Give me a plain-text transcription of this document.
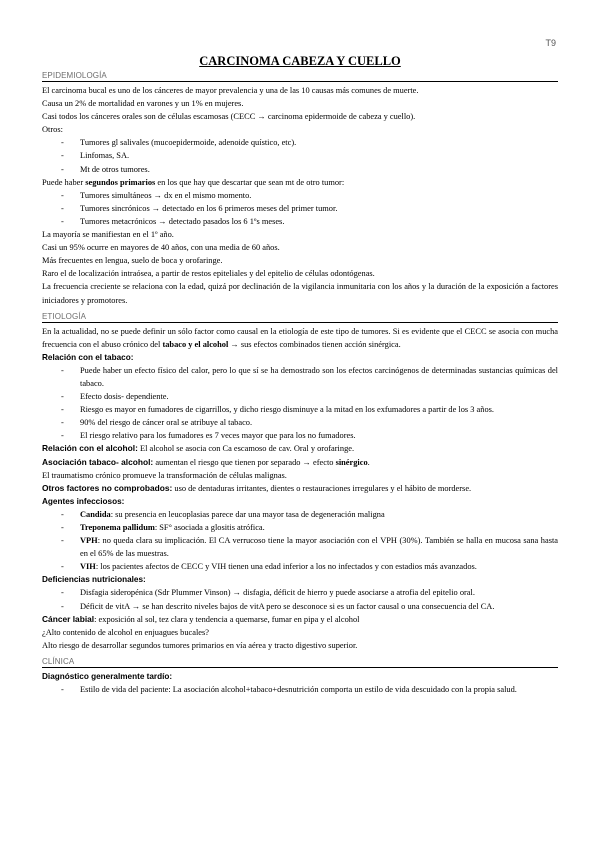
T9
CARCINOMA CABEZA Y CUELLO
EPIDEMIOLOGÍA

El carcinoma bucal es uno de los cánceres de mayor prevalencia y una de las 10 causas más comunes de muerte.

Causa un 2% de mortalidad en varones y un 1% en mujeres.

Casi todos los cánceres orales son de células escamosas (CECC → carcinoma epidermoide de cabeza y cuello).

Otros:

- Tumores gl salivales (mucoepidermoide, adenoide quístico, etc).
- Linfomas, SA.
- Mt de otros tumores.

Puede haber segundos primarios en los que hay que descartar que sean mt de otro tumor:

- Tumores simultáneos → dx en el mismo momento.
- Tumores sincrónicos → detectado en los 6 primeros meses del primer tumor.
- Tumores metacrónicos → detectado pasados los 6 1ºs meses.

La mayoría se manifiestan en el 1º año.

Casi un 95% ocurre en mayores de 40 años, con una media de 60 años.

Más frecuentes en lengua, suelo de boca y orofaringe.

Raro el de localización intraósea, a partir de restos epiteliales y del epitelio de células odontógenas.

La frecuencia creciente se relaciona con la edad, quizá por declinación de la vigilancia inmunitaria con los años y la duración de la exposición a factores iniciadores y promotores.

ETIOLOGÍA

En la actualidad, no se puede definir un sólo factor como causal en la etiología de este tipo de tumores. Si es evidente que el CECC se asocia con mucha frecuencia con el abuso crónico del tabaco y el alcohol → sus efectos combinados tienen acción sinérgica.

Relación con el tabaco:

- Puede haber un efecto físico del calor, pero lo que sí se ha demostrado son los efectos carcinógenos de determinadas sustancias químicas del tabaco.
- Efecto dosis- dependiente.
- Riesgo es mayor en fumadores de cigarrillos, y dicho riesgo disminuye a la mitad en los exfumadores a partir de los 3 años.
- 90% del riesgo de cáncer oral se atribuye al tabaco.
- El riesgo relativo para los fumadores es 7 veces mayor que para los no fumadores.

Relación con el alcohol: El alcohol se asocia con Ca escamoso de cav. Oral y orofaringe.

Asociación tabaco- alcohol: aumentan el riesgo que tienen por separado → efecto sinérgico.

El traumatismo crónico promueve la transformación de células malignas.

Otros factores no comprobados: uso de dentaduras irritantes, dientes o restauraciones irregulares y el hábito de morderse.

Agentes infecciosos:

- Candida: su presencia en leucoplasias parece dar una mayor tasa de degeneración maligna
- Treponema pallidum: SF° asociada a glositis atrófica.
- VPH: no queda clara su implicación. El CA verrucoso tiene la mayor asociación con el VPH (30%). También se halla en mucosa sana hasta en el 65% de las muestras.
- VIH: los pacientes afectos de CECC y VIH tienen una edad inferior a los no infectados y con estadios más avanzados.

Deficiencias nutricionales:

- Disfagia sideropénica (Sdr Plummer Vinson) → disfagia, déficit de hierro y puede asociarse a atrofia del epitelio oral.
- Déficit de vitA → se han descrito niveles bajos de vitA pero se desconoce si es un factor causal o una consecuencia del CA.

Cáncer labial: exposición al sol, tez clara y tendencia a quemarse, fumar en pipa y el alcohol

¿Alto contenido de alcohol en enjuagues bucales?

Alto riesgo de desarrollar segundos tumores primarios en vía aérea y tracto digestivo superior.

CLÍNICA

Diagnóstico generalmente tardío:

- Estilo de vida del paciente: La asociación alcohol+tabaco+desnutrición comporta un estilo de vida descuidado con la propia salud.
